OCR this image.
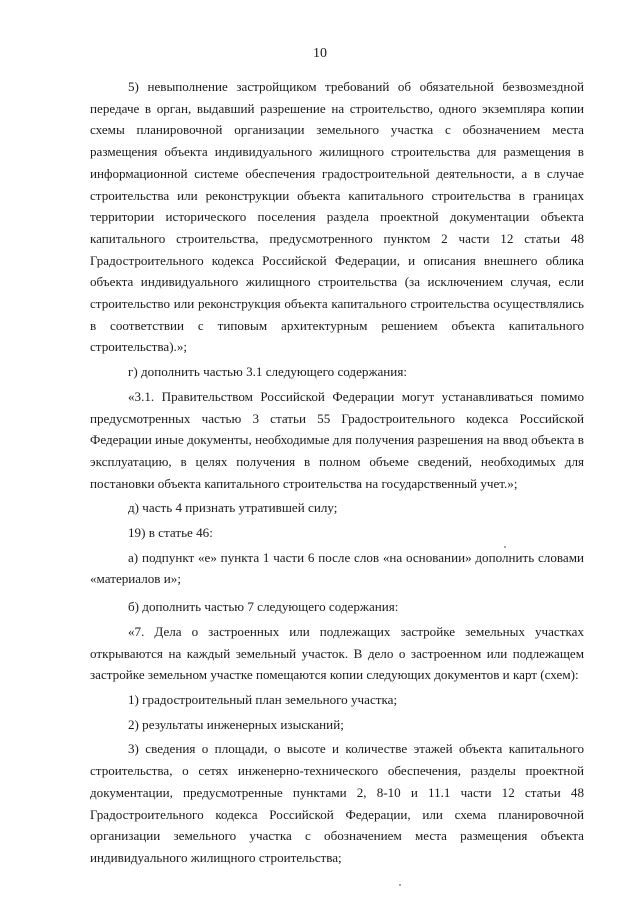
10

5) невыполнение застройщиком требований об обязательной безвозмездной передаче в орган, выдавший разрешение на строительство, одного экземпляра копии схемы планировочной организации земельного участка с обозначением места размещения объекта индивидуального жилищного строительства для размещения в информационной системе обеспечения градостроительной деятельности, а в случае строительства или реконструкции объекта капитального строительства в границах территории исторического поселения раздела проектной документации объекта капитального строительства, предусмотренного пунктом 2 части 12 статьи 48 Градостроительного кодекса Российской Федерации, и описания внешнего облика объекта индивидуального жилищного строительства (за исключением случая, если строительство или реконструкция объекта капитального строительства осуществлялись в соответствии с типовым архитектурным решением объекта капитального строительства).»;

г) дополнить частью 3.1 следующего содержания:

«3.1. Правительством Российской Федерации могут устанавливаться помимо предусмотренных частью 3 статьи 55 Градостроительного кодекса Российской Федерации иные документы, необходимые для получения разрешения на ввод объекта в эксплуатацию, в целях получения в полном объеме сведений, необходимых для постановки объекта капитального строительства на государственный учет.»;

д) часть 4 признать утратившей силу;

19) в статье 46:

а) подпункт «е» пункта 1 части 6 после слов «на основании» дополнить словами «материалов и»;

б) дополнить частью 7 следующего содержания:

«7. Дела о застроенных или подлежащих застройке земельных участках открываются на каждый земельный участок. В дело о застроенном или подлежащем застройке земельном участке помещаются копии следующих документов и карт (схем):

1) градостроительный план земельного участка;

2) результаты инженерных изысканий;

3) сведения о площади, о высоте и количестве этажей объекта капитального строительства, о сетях инженерно-технического обеспечения, разделы проектной документации, предусмотренные пунктами 2, 8-10 и 11.1 части 12 статьи 48 Градостроительного кодекса Российской Федерации, или схема планировочной организации земельного участка с обозначением места размещения объекта индивидуального жилищного строительства;
